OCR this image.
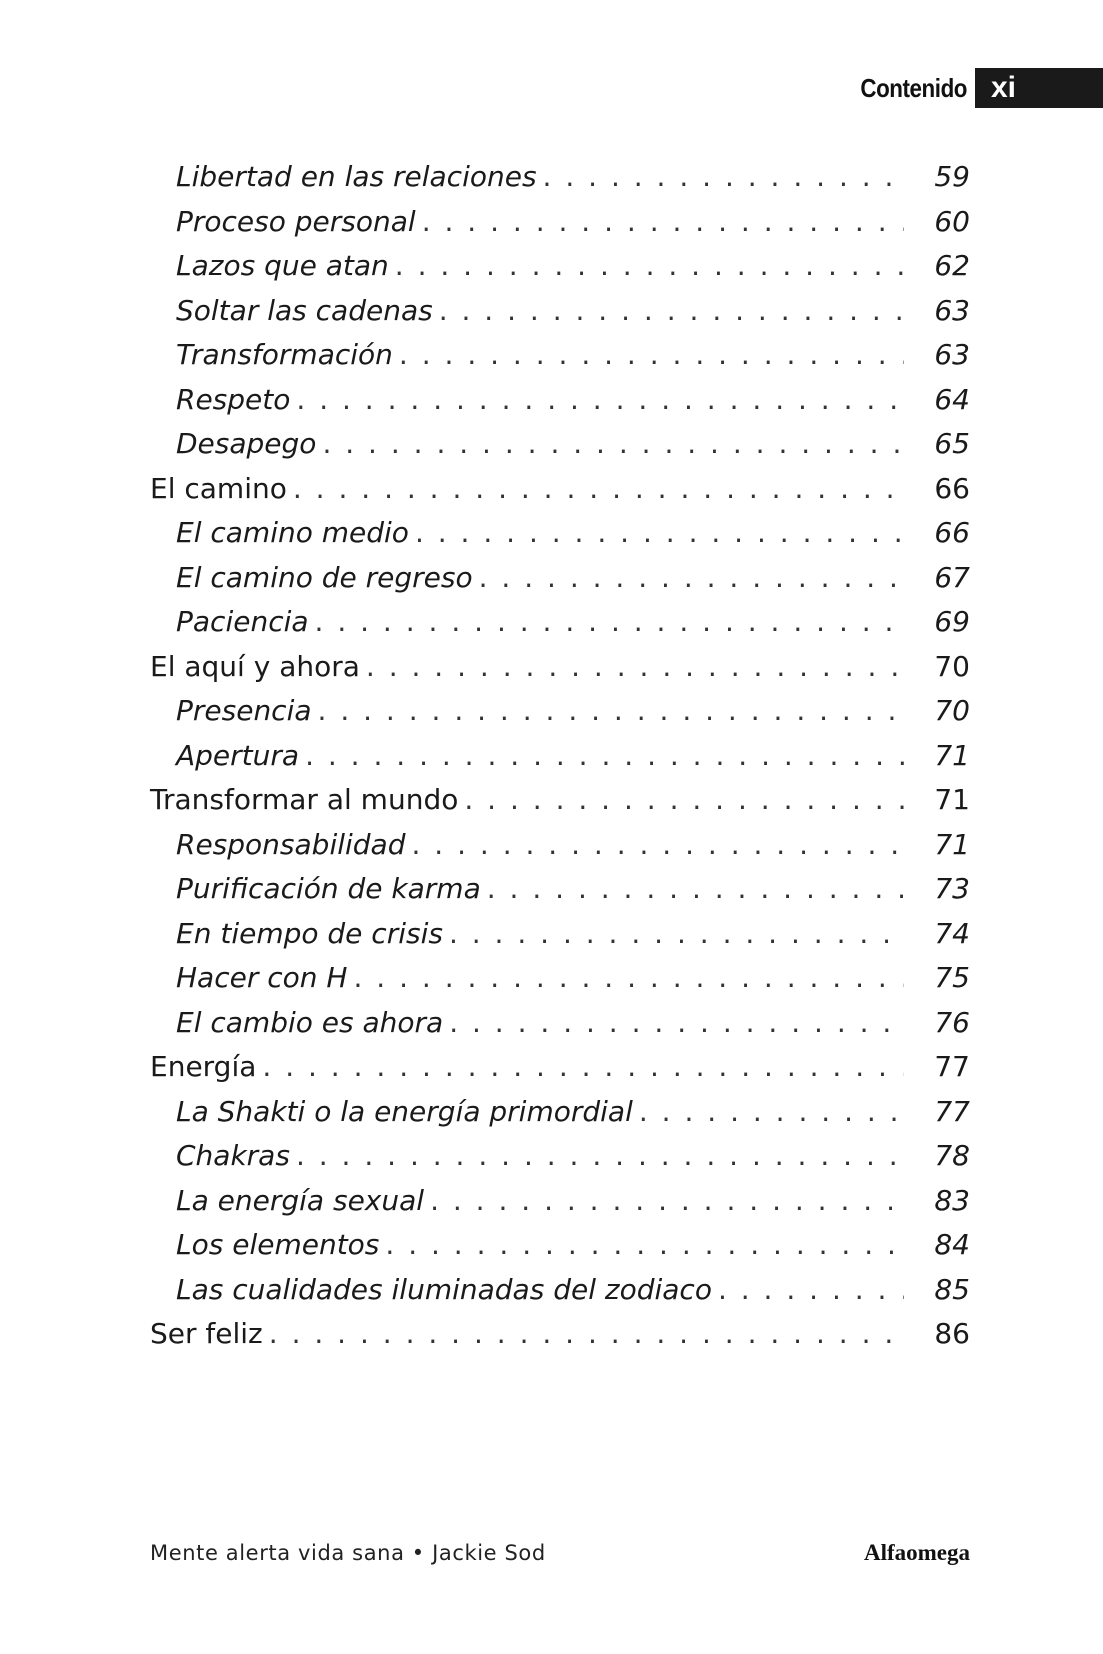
Contenido xi
Libertad en las relaciones . . .	59
Proceso personal . . .	60
Lazos que atan . . .	62
Soltar las cadenas . . .	63
Transformación . . .	63
Respeto . . .	64
Desapego . . .	65
El camino . . .	66
El camino medio . . .	66
El camino de regreso . . .	67
Paciencia . . .	69
El aquí y ahora . . .	70
Presencia . . .	70
Apertura . . .	71
Transformar al mundo . . .	71
Responsabilidad . . .	71
Purificación de karma . . .	73
En tiempo de crisis . . .	74
Hacer con H . . .	75
El cambio es ahora . . .	76
Energía . . .	77
La Shakti o la energía primordial . . .	77
Chakras . . .	78
La energía sexual . . .	83
Los elementos . . .	84
Las cualidades iluminadas del zodiaco . . .	85
Ser feliz . . .	86
Mente alerta vida sana • Jackie Sod	Alfaomega
